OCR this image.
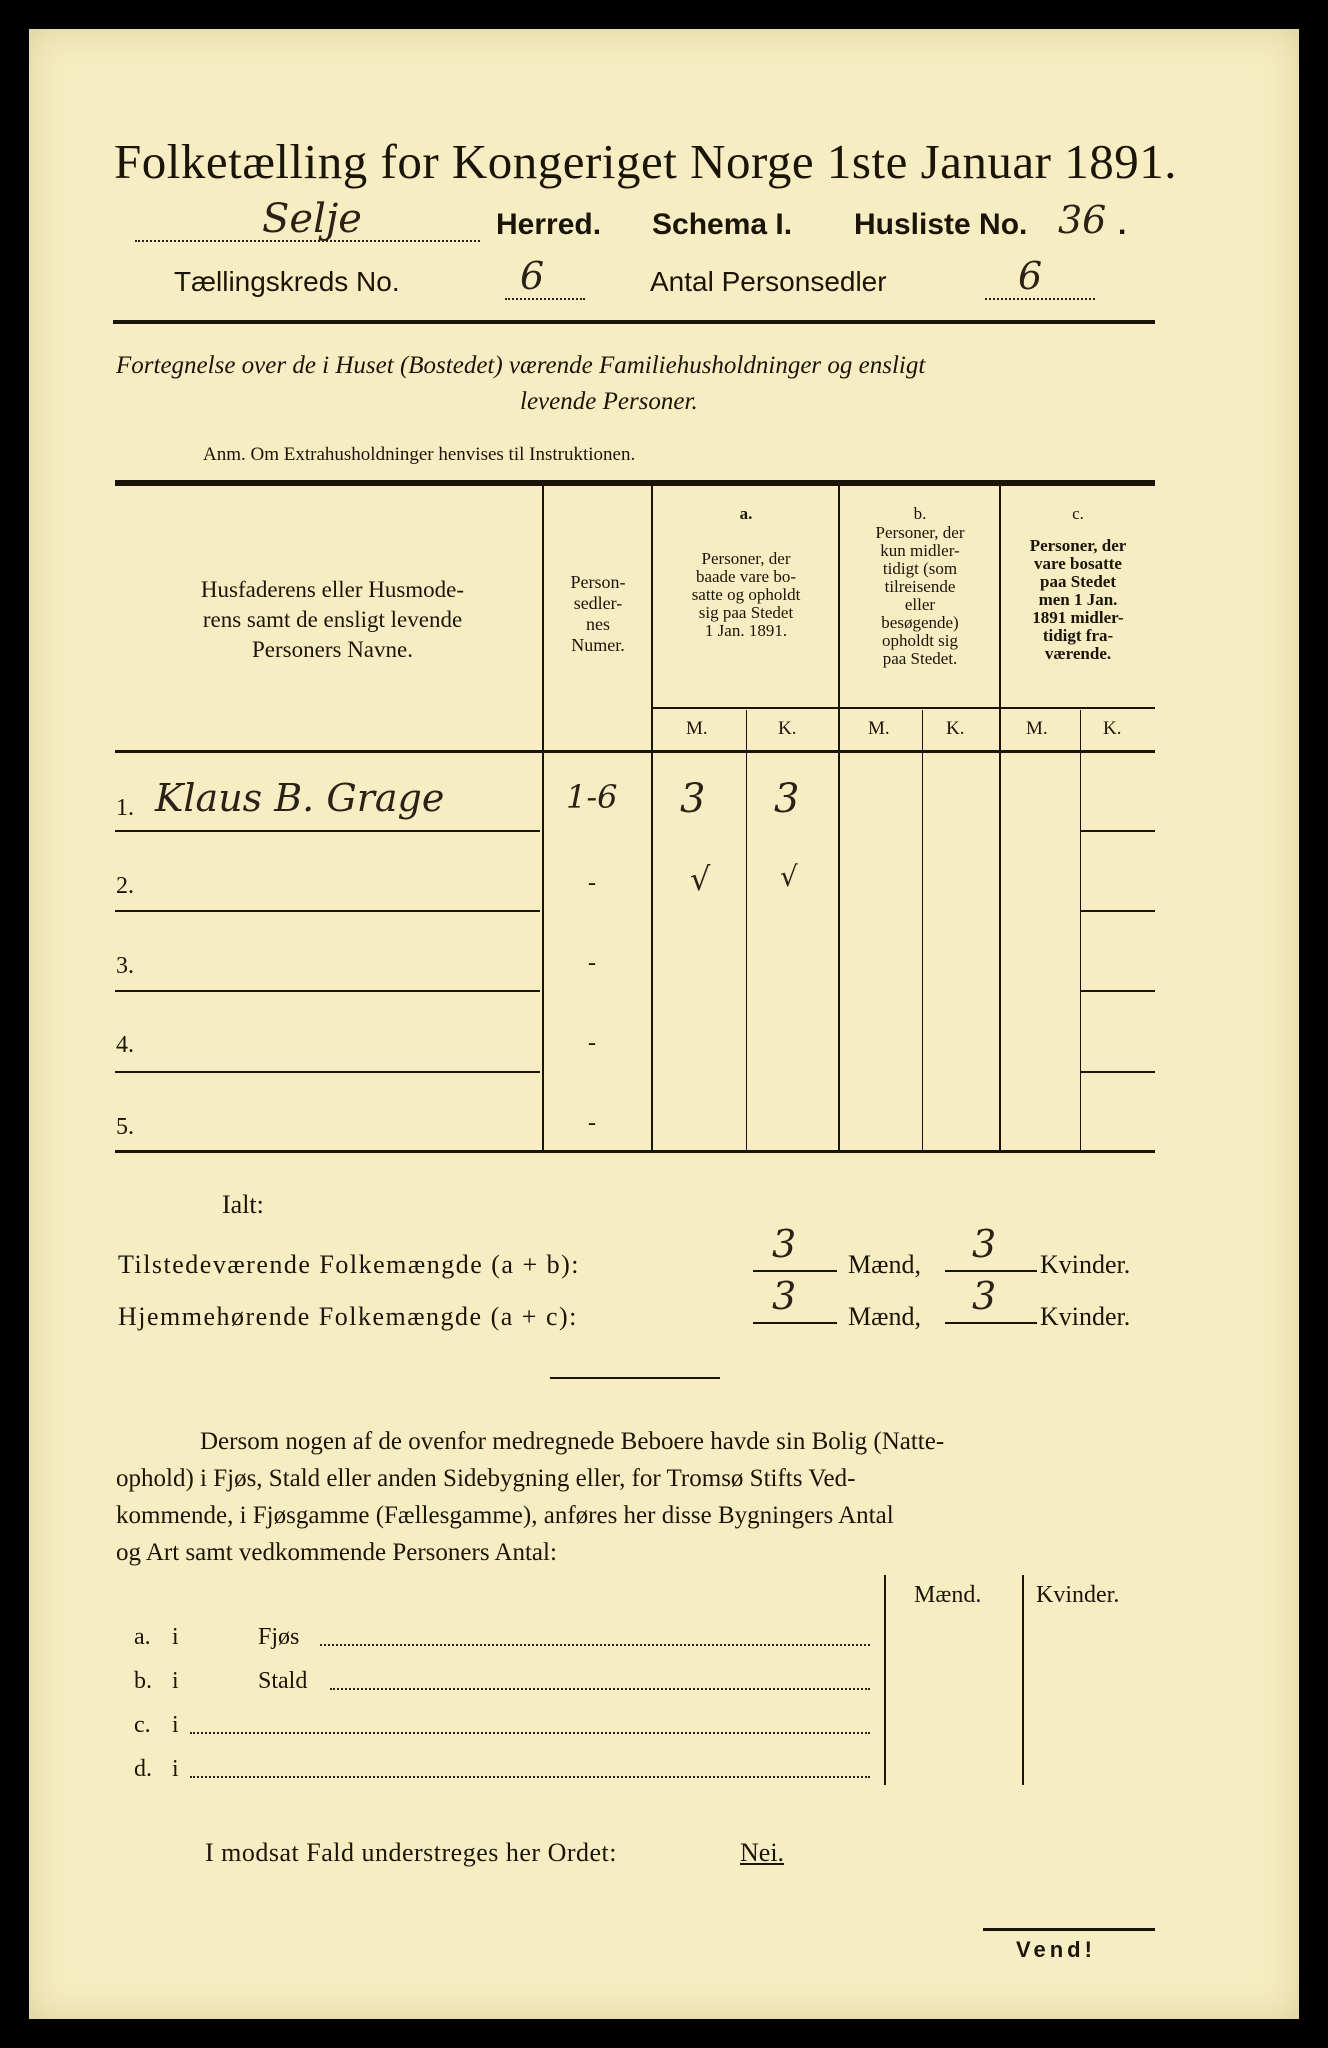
Folketælling for Kongeriget Norge 1ste Januar 1891.
Selje	Herred. Schema I. Husliste No. 36 .
Tællingskreds No.	6	Antal Personsedler	6
Fortegnelse over de i Huset (Bostedet) værende Familiehusholdninger og ensligt
levende Personer.
Anm. Om Extrahusholdninger henvises til Instruktionen.
Husfaderens eller Husmode-
rens samt de ensligt levende
Personers Navne.
Person-
sedler-
nes
Numer.
a.
Personer, der
baade vare bo-
satte og opholdt
sig paa Stedet
1 Jan. 1891.
b.
Personer, der
kun midler-
tidigt (som
tilreisende
eller
besøgende)
opholdt sig
paa Stedet.
c.
Personer, der
vare bosatte
paa Stedet
men 1 Jan.
1891 midler-
tidigt fra-
værende.
M.	K.	M.	K.	M.	K.
1. Klaus B. Grage	1-6 3 3
2.	-	√ √
3.	-
4.	-
5.	-
Ialt:
Tilstedeværende Folkemængde (a + b):	3 Mænd, 3 Kvinder.
Hjemmehørende Folkemængde (a + c):	3 Mænd, 3 Kvinder.
Dersom nogen af de ovenfor medregnede Beboere havde sin Bolig (Natte-
ophold) i Fjøs, Stald eller anden Sidebygning eller, for Tromsø Stifts Ved-
kommende, i Fjøsgamme (Fællesgamme), anføres her disse Bygningers Antal
og Art samt vedkommende Personers Antal:
Mænd. Kvinder.
a. i	Fjøs
b. i	Stald
c. i
d. i
I modsat Fald understreges her Ordet:	Nei.
Vend!
